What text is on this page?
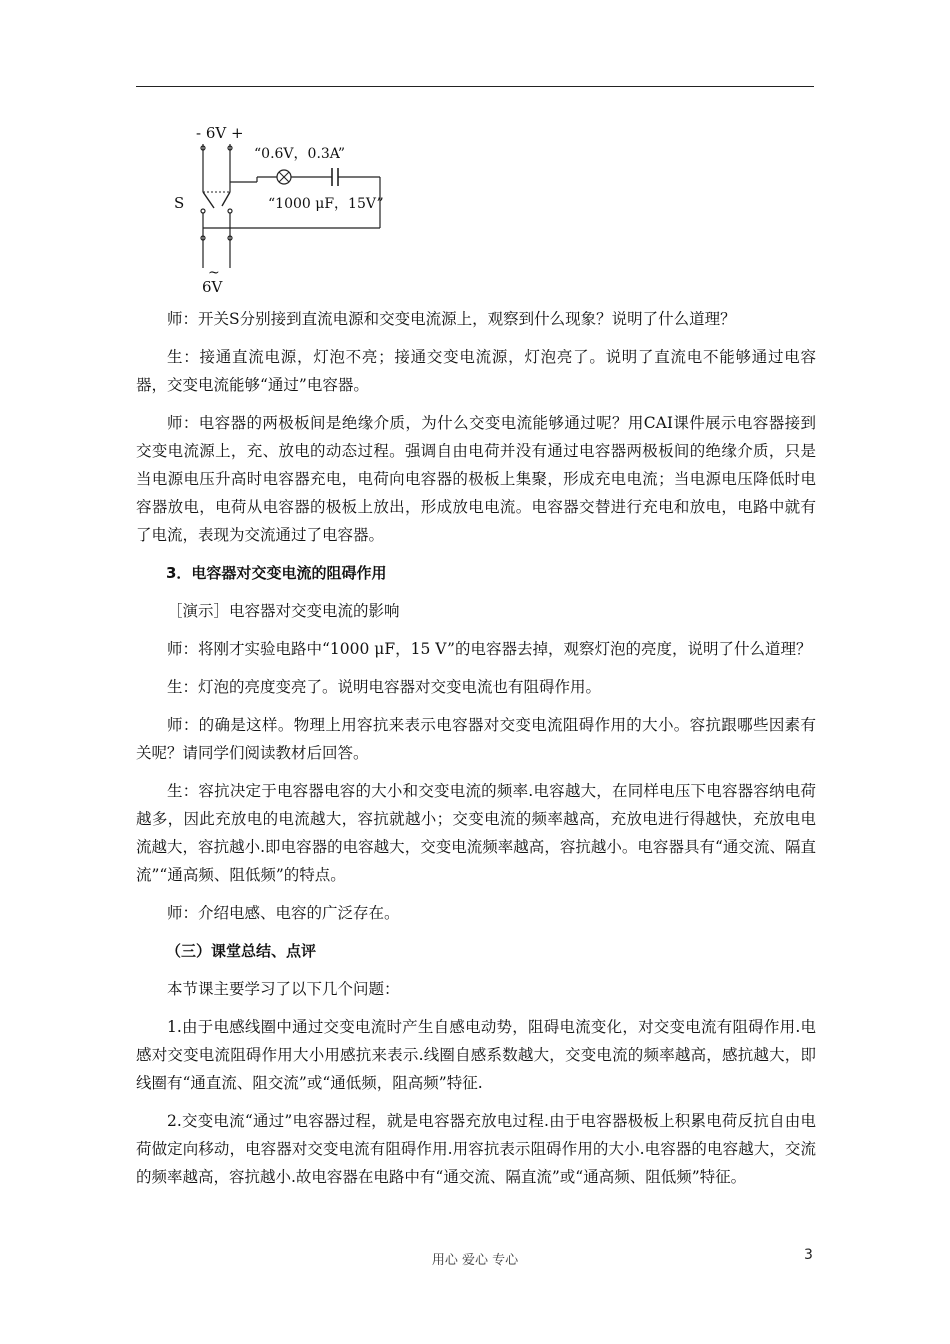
- 6V +
S
“0.6V，0.3A”
“1000 μF，15V”
~
6V

师：开关S分别接到直流电源和交变电流源上，观察到什么现象？说明了什么道理？

生：接通直流电源，灯泡不亮；接通交变电流源，灯泡亮了。说明了直流电不能够通过电容器，交变电流能够“通过”电容器。

师：电容器的两极板间是绝缘介质，为什么交变电流能够通过呢？用CAI课件展示电容器接到交变电流源上，充、放电的动态过程。强调自由电荷并没有通过电容器两极板间的绝缘介质，只是当电源电压升高时电容器充电，电荷向电容器的极板上集聚，形成充电电流；当电源电压降低时电容器放电，电荷从电容器的极板上放出，形成放电电流。电容器交替进行充电和放电，电路中就有了电流，表现为交流通过了电容器。

3．电容器对交变电流的阻碍作用

［演示］电容器对交变电流的影响

师：将刚才实验电路中“1000 μF，15 V”的电容器去掉，观察灯泡的亮度，说明了什么道理？

生：灯泡的亮度变亮了。说明电容器对交变电流也有阻碍作用。

师：的确是这样。物理上用容抗来表示电容器对交变电流阻碍作用的大小。容抗跟哪些因素有关呢？请同学们阅读教材后回答。

生：容抗决定于电容器电容的大小和交变电流的频率.电容越大，在同样电压下电容器容纳电荷越多，因此充放电的电流越大，容抗就越小；交变电流的频率越高，充放电进行得越快，充放电电流越大，容抗越小.即电容器的电容越大，交变电流频率越高，容抗越小。电容器具有“通交流、隔直流”“通高频、阻低频”的特点。

师：介绍电感、电容的广泛存在。

（三）课堂总结、点评

本节课主要学习了以下几个问题：

1.由于电感线圈中通过交变电流时产生自感电动势，阻碍电流变化，对交变电流有阻碍作用.电感对交变电流阻碍作用大小用感抗来表示.线圈自感系数越大，交变电流的频率越高，感抗越大，即线圈有“通直流、阻交流”或“通低频，阻高频”特征.

2.交变电流“通过”电容器过程，就是电容器充放电过程.由于电容器极板上积累电荷反抗自由电荷做定向移动，电容器对交变电流有阻碍作用.用容抗表示阻碍作用的大小.电容器的电容越大，交流的频率越高，容抗越小.故电容器在电路中有“通交流、隔直流”或“通高频、阻低频”特征。

用心 爱心 专心	3
